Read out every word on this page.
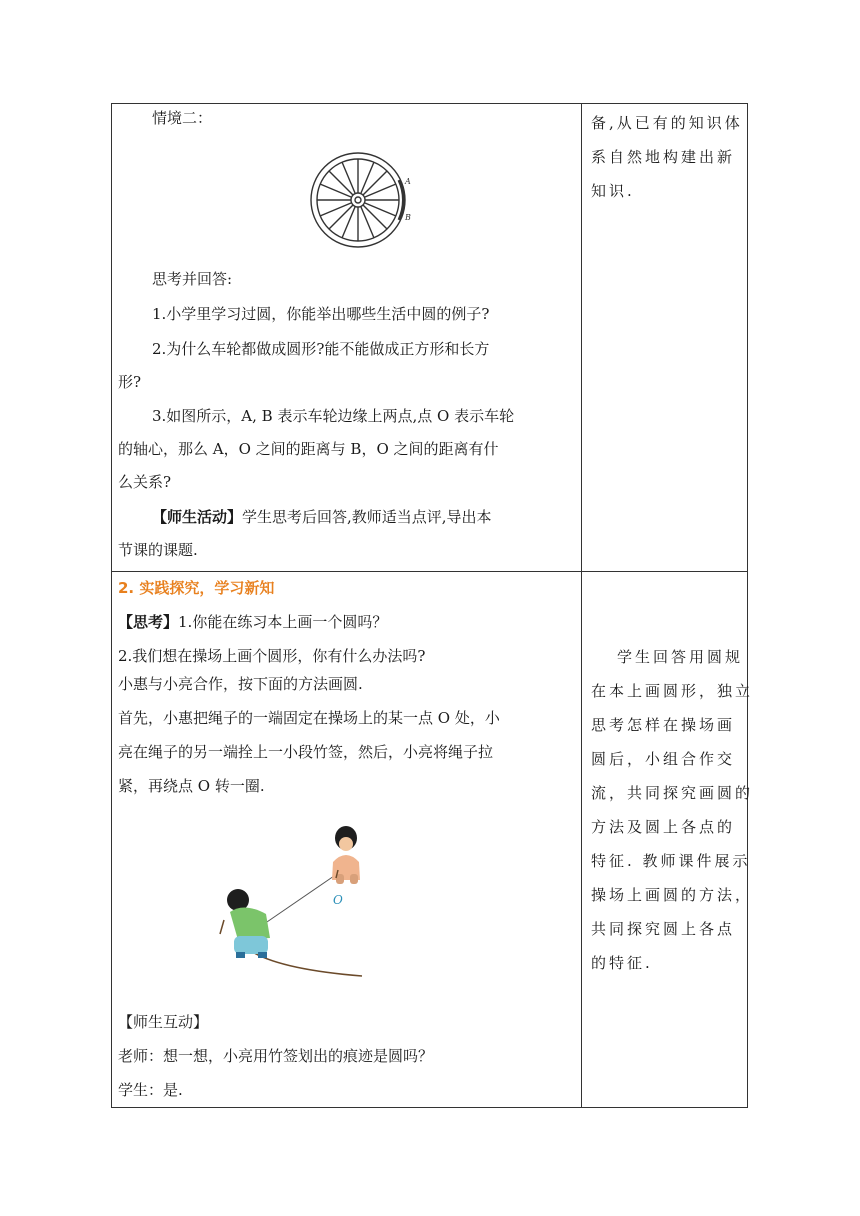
情境二：
A
B
思考并回答:
1.小学里学习过圆，你能举出哪些生活中圆的例子?
2.为什么车轮都做成圆形?能不能做成正方形和长方
形?
3.如图所示，A, B 表示车轮边缘上两点,点 O 表示车轮
的轴心，那么 A，O 之间的距离与 B，O 之间的距离有什
么关系?
【师生活动】学生思考后回答,教师适当点评,导出本
节课的课题.
备,从已有的知识体
系自然地构建出新
知识.
2. 实践探究，学习新知
【思考】1.你能在练习本上画一个圆吗？
2.我们想在操场上画个圆形，你有什么办法吗?
小惠与小亮合作，按下面的方法画圆.
首先，小惠把绳子的一端固定在操场上的某一点 O 处，小
亮在绳子的另一端拴上一小段竹签，然后，小亮将绳子拉
紧，再绕点 O 转一圈.
O
【师生互动】
老师：想一想，小亮用竹签划出的痕迹是圆吗？
学生：是.
学生回答用圆规
在本上画圆形，独立
思考怎样在操场画
圆后，小组合作交
流，共同探究画圆的
方法及圆上各点的
特征. 教师课件展示
操场上画圆的方法，
共同探究圆上各点
的特征.
